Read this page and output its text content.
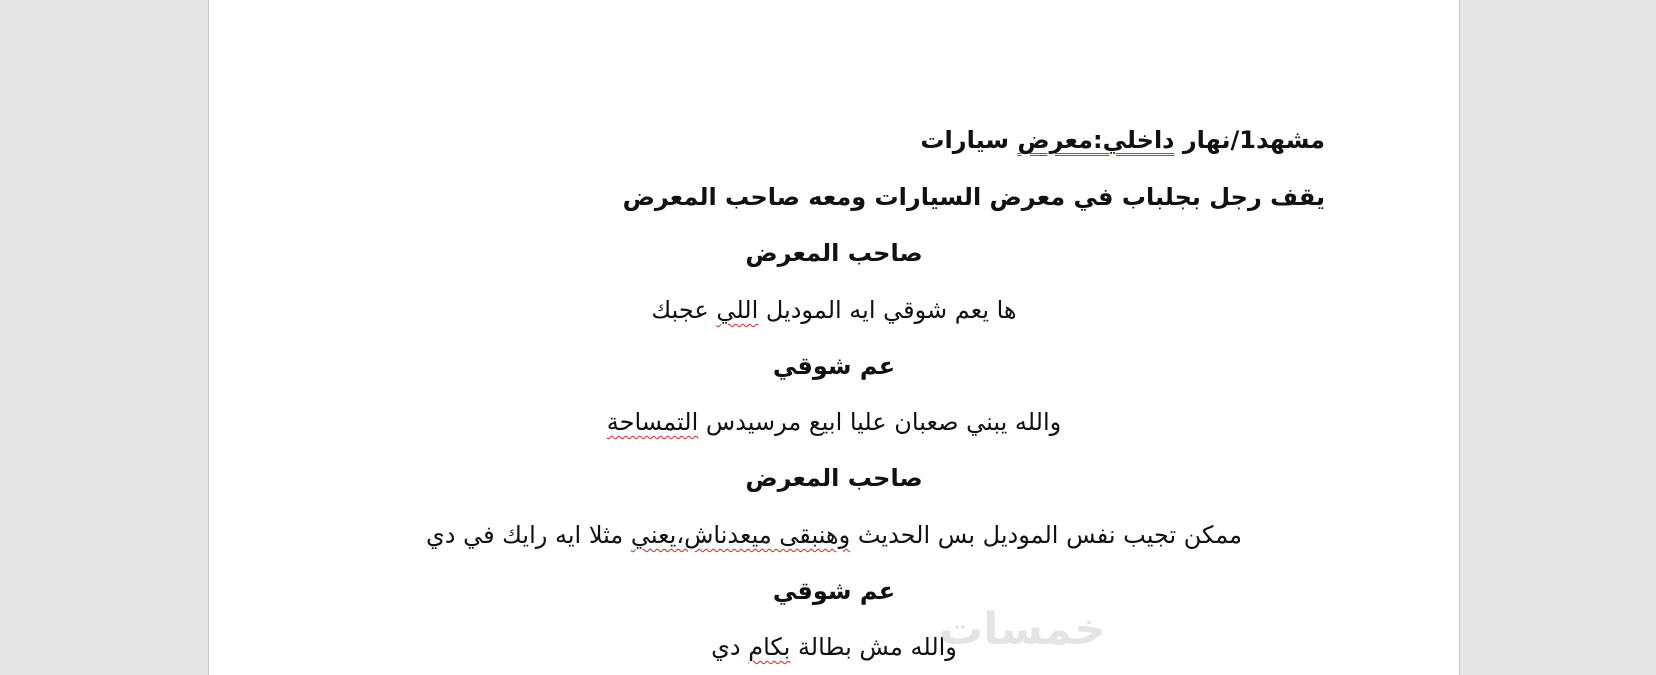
مشهد1/نهار داخلي:معرض سيارات
يقف رجل بجلباب في معرض السيارات ومعه صاحب المعرض
صاحب المعرض
ها يعم شوقي ايه الموديل اللي عجبك
عم شوقي
والله يبني صعبان عليا ابيع مرسيدس التمساحة
صاحب المعرض
ممكن تجيب نفس الموديل بس الحديث وهنبقى ميعدناش،يعني مثلا ايه رايك في دي
عم شوقي
والله مش بطالة بكام دي	خمسات
